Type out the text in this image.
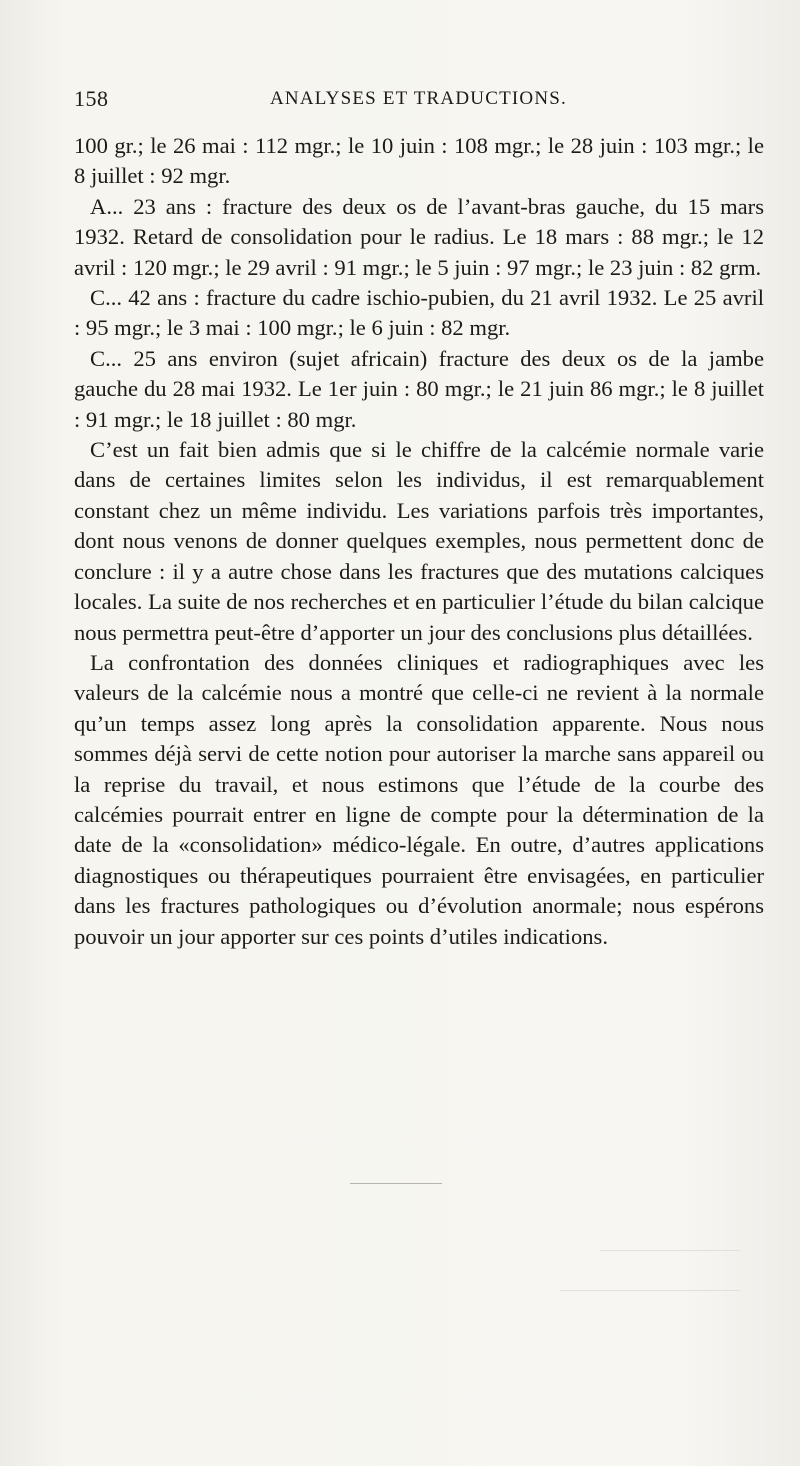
158	ANALYSES ET TRADUCTIONS.

100 gr.; le 26 mai : 112 mgr.; le 10 juin : 108 mgr.; le 28 juin : 103 mgr.; le 8 juillet : 92 mgr.

A... 23 ans : fracture des deux os de l’avant-bras gauche, du 15 mars 1932. Retard de consolidation pour le radius. Le 18 mars : 88 mgr.; le 12 avril : 120 mgr.; le 29 avril : 91 mgr.; le 5 juin : 97 mgr.; le 23 juin : 82 grm.

C... 42 ans : fracture du cadre ischio-pubien, du 21 avril 1932. Le 25 avril : 95 mgr.; le 3 mai : 100 mgr.; le 6 juin : 82 mgr.

C... 25 ans environ (sujet africain) fracture des deux os de la jambe gauche du 28 mai 1932. Le 1er juin : 80 mgr.; le 21 juin 86 mgr.; le 8 juillet : 91 mgr.; le 18 juillet : 80 mgr.

C’est un fait bien admis que si le chiffre de la calcémie normale varie dans de certaines limites selon les individus, il est remarquablement constant chez un même individu. Les variations parfois très importantes, dont nous venons de donner quelques exemples, nous permettent donc de conclure : il y a autre chose dans les fractures que des mutations calciques locales. La suite de nos recherches et en particulier l’étude du bilan calcique nous permettra peut-être d’apporter un jour des conclusions plus détaillées.

La confrontation des données cliniques et radiographiques avec les valeurs de la calcémie nous a montré que celle-ci ne revient à la normale qu’un temps assez long après la consolidation apparente. Nous nous sommes déjà servi de cette notion pour autoriser la marche sans appareil ou la reprise du travail, et nous estimons que l’étude de la courbe des calcémies pourrait entrer en ligne de compte pour la détermination de la date de la «consolidation» médico-légale. En outre, d’autres applications diagnostiques ou thérapeutiques pourraient être envisagées, en particulier dans les fractures pathologiques ou d’évolution anormale; nous espérons pouvoir un jour apporter sur ces points d’utiles indications.
